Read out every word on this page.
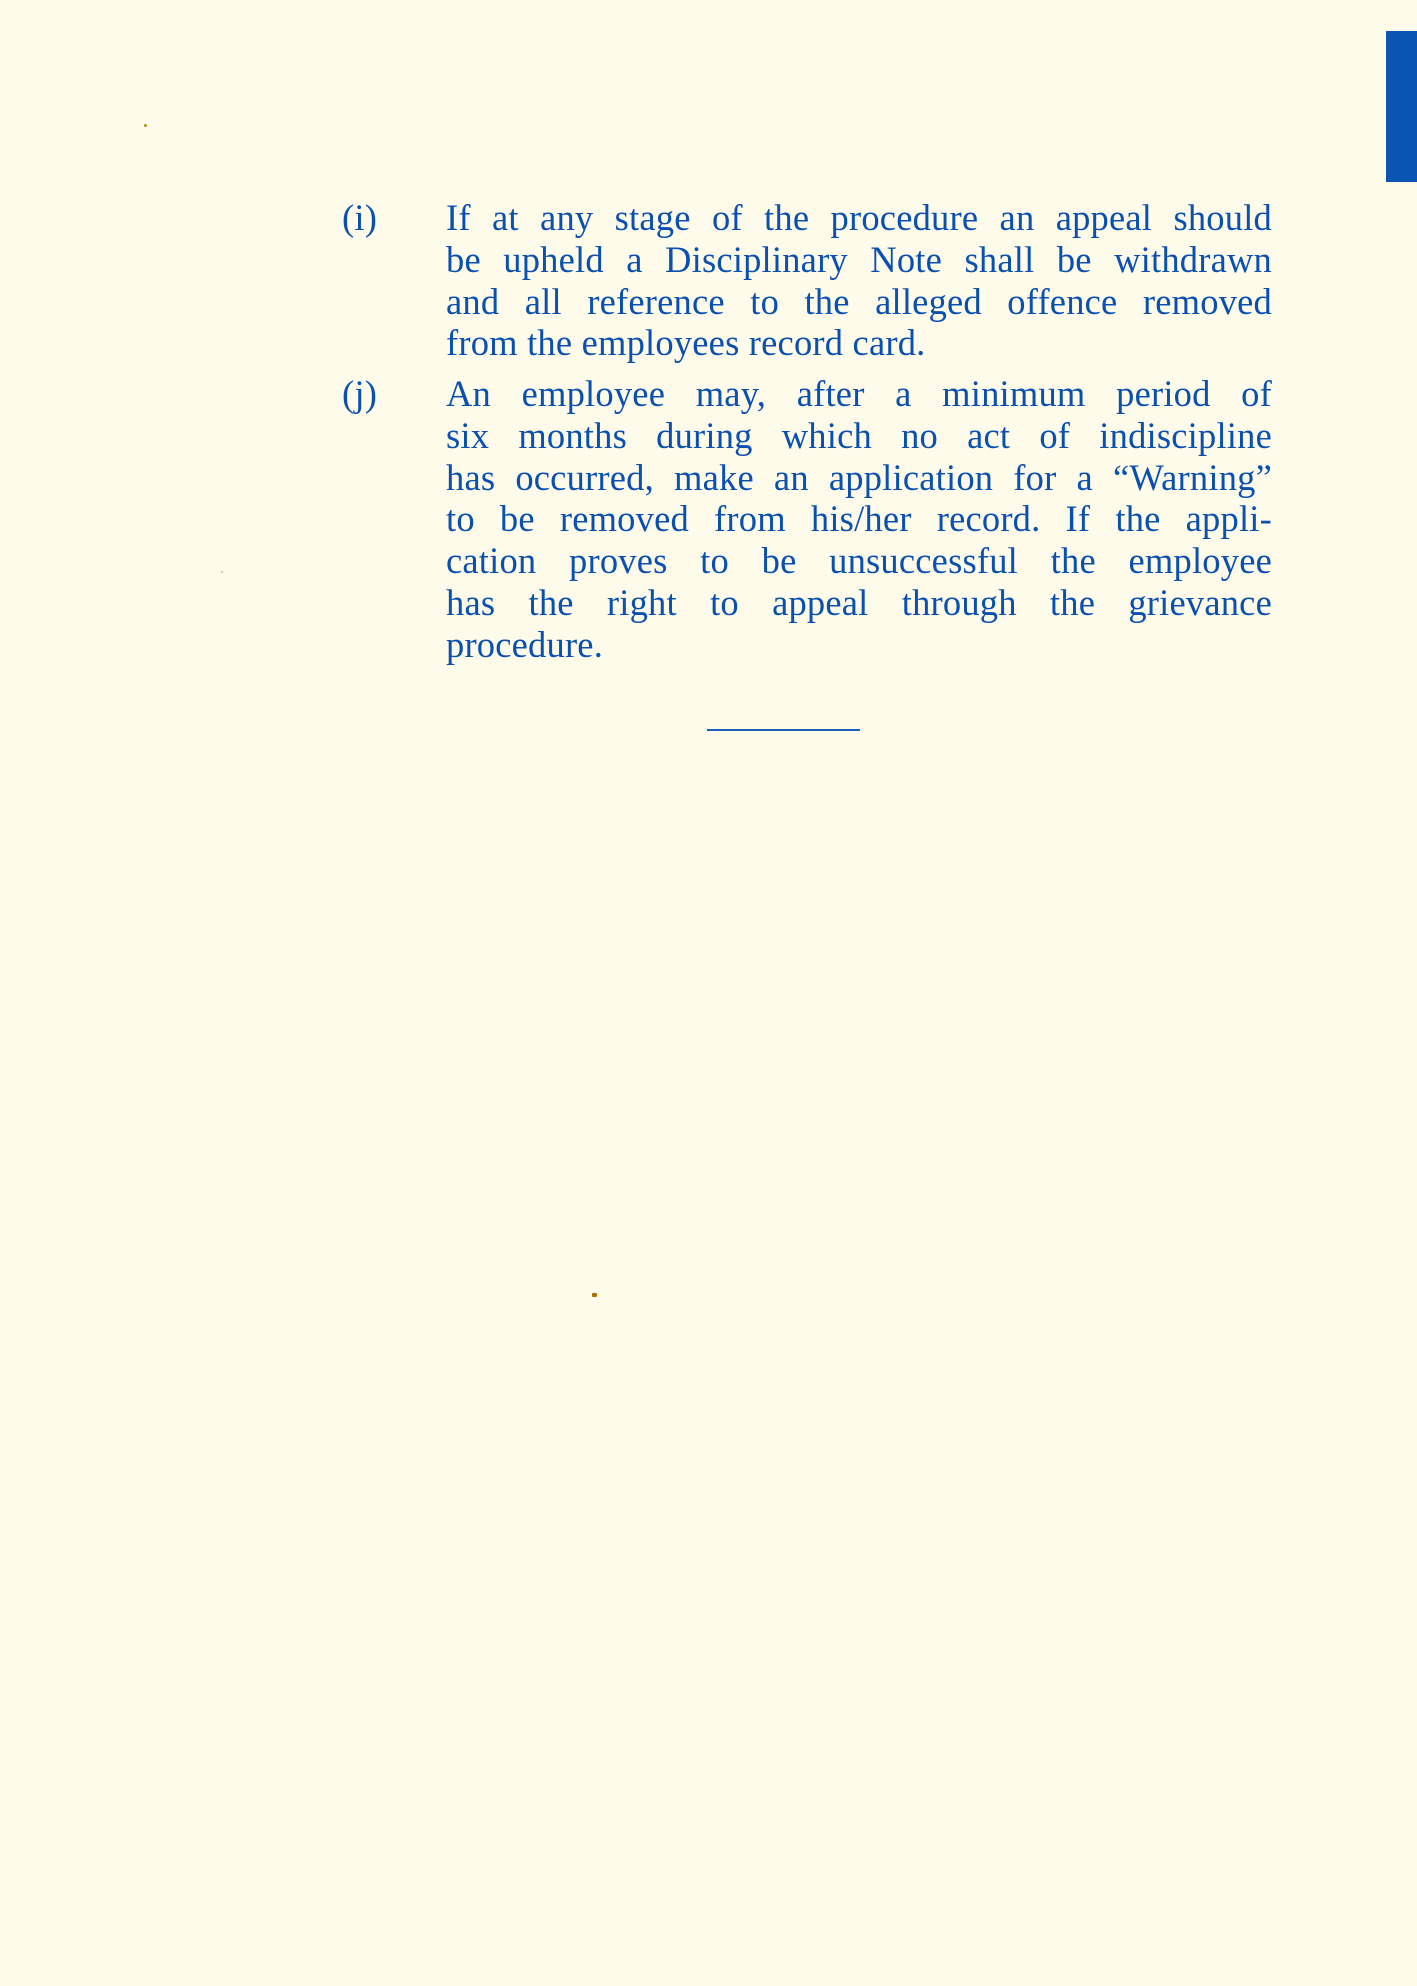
(i)	If at any stage of the procedure an appeal should
be upheld a Disciplinary Note shall be withdrawn
and all reference to the alleged offence removed
from the employees record card.
(j)	An employee may, after a minimum period of
six months during which no act of indiscipline
has occurred, make an application for a “Warning”
to be removed from his/her record. If the appli-
cation proves to be unsuccessful the employee
has the right to appeal through the grievance
procedure.
